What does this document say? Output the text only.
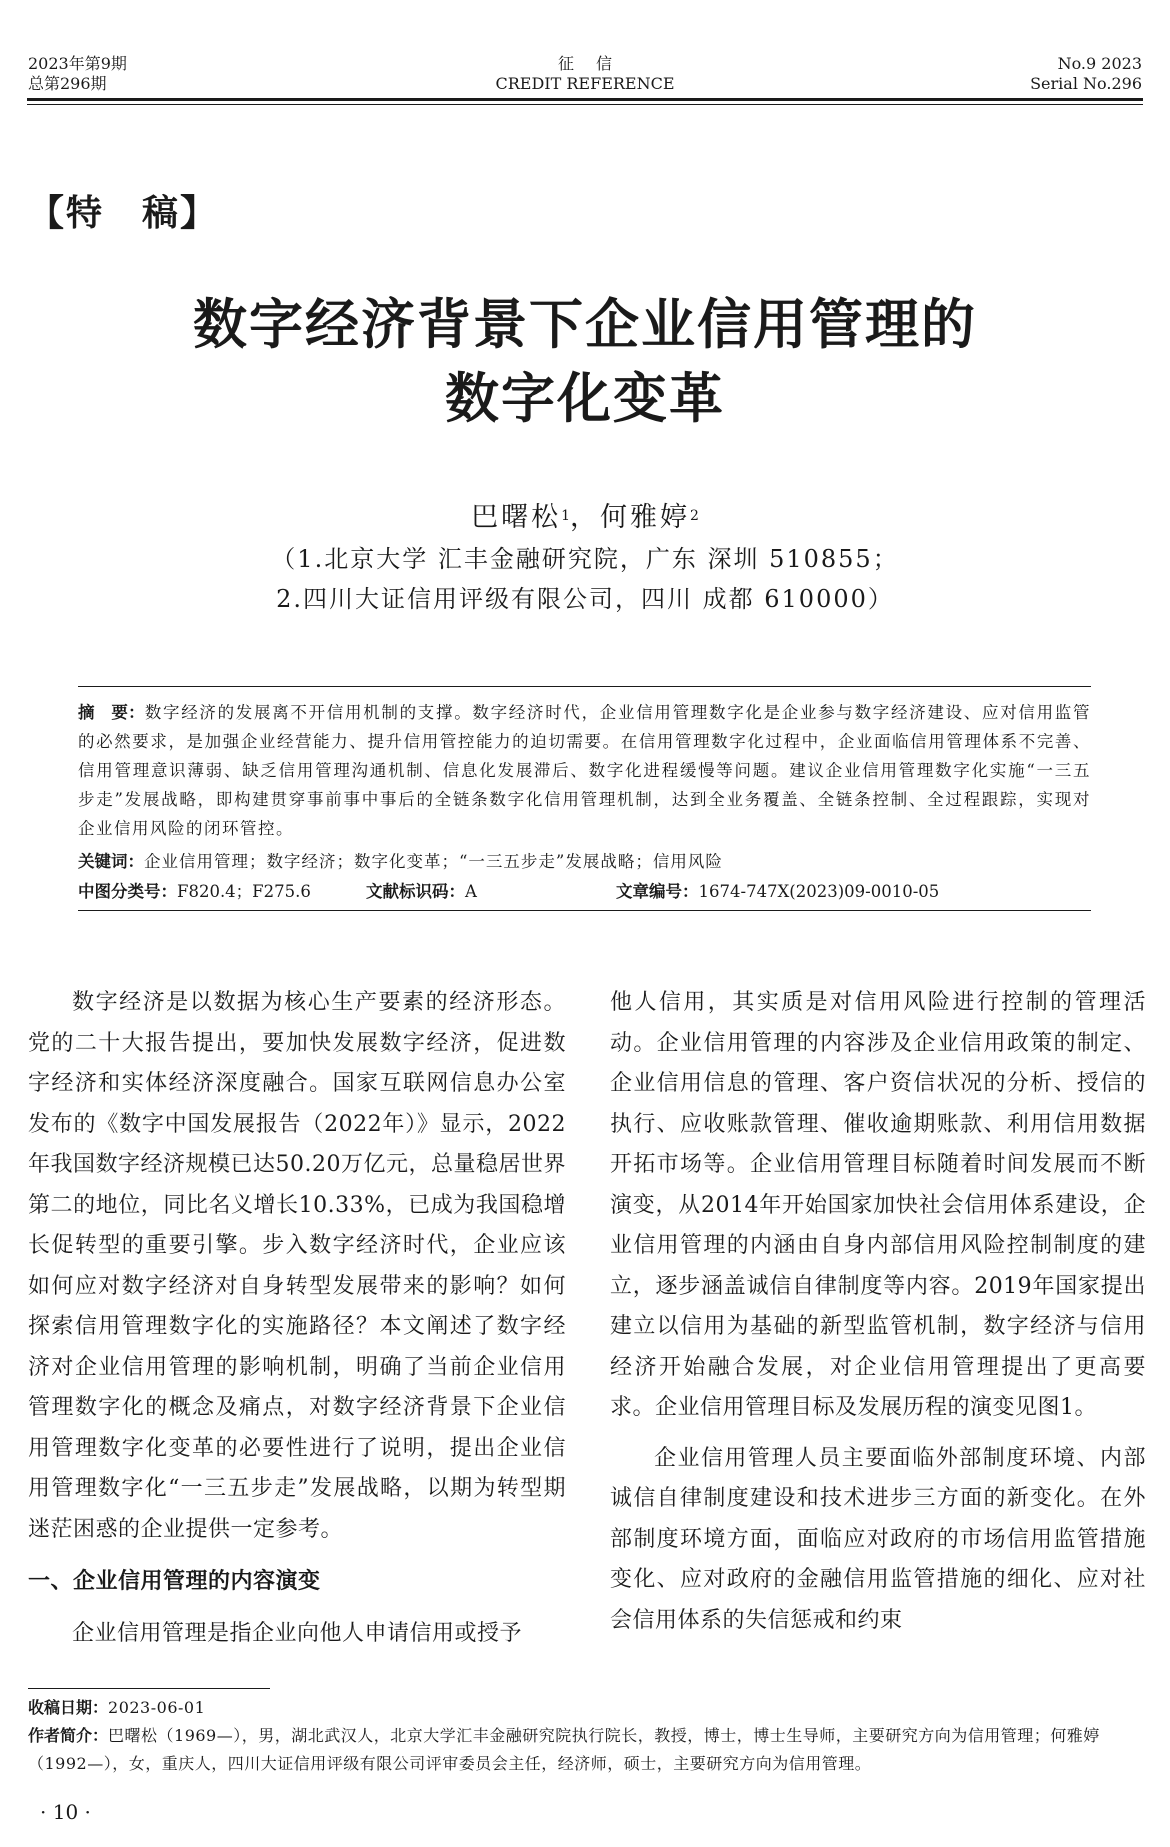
2023年第9期
总第296期
征信
CREDIT REFERENCE
No.9 2023
Serial No.296
【特　稿】
数字经济背景下企业信用管理的
数字化变革
巴曙松$^1$，何雅婷$^2$
（1.北京大学 汇丰金融研究院，广东 深圳 510855；
2.四川大证信用评级有限公司，四川 成都 610000）
摘　要：数字经济的发展离不开信用机制的支撑。数字经济时代，企业信用管理数字化是企业参与数字经济建设、应对信用监管的必然要求，是加强企业经营能力、提升信用管控能力的迫切需要。在信用管理数字化过程中，企业面临信用管理体系不完善、信用管理意识薄弱、缺乏信用管理沟通机制、信息化发展滞后、数字化进程缓慢等问题。建议企业信用管理数字化实施“一三五步走”发展战略，即构建贯穿事前事中事后的全链条数字化信用管理机制，达到全业务覆盖、全链条控制、全过程跟踪，实现对企业信用风险的闭环管控。
关键词：企业信用管理；数字经济；数字化变革；“一三五步走”发展战略；信用风险
中图分类号：F820.4；F275.6	文献标识码：A	文章编号：1674-747X(2023)09-0010-05

数字经济是以数据为核心生产要素的经济形态。党的二十大报告提出，要加快发展数字经济，促进数字经济和实体经济深度融合。国家互联网信息办公室发布的《数字中国发展报告（2022年）》显示，2022年我国数字经济规模已达50.20万亿元，总量稳居世界第二的地位，同比名义增长10.33%，已成为我国稳增长促转型的重要引擎。步入数字经济时代，企业应该如何应对数字经济对自身转型发展带来的影响？如何探索信用管理数字化的实施路径？本文阐述了数字经济对企业信用管理的影响机制，明确了当前企业信用管理数字化的概念及痛点，对数字经济背景下企业信用管理数字化变革的必要性进行了说明，提出企业信用管理数字化“一三五步走”发展战略，以期为转型期迷茫困惑的企业提供一定参考。

一、企业信用管理的内容演变

企业信用管理是指企业向他人申请信用或授予

他人信用，其实质是对信用风险进行控制的管理活动。企业信用管理的内容涉及企业信用政策的制定、企业信用信息的管理、客户资信状况的分析、授信的执行、应收账款管理、催收逾期账款、利用信用数据开拓市场等。企业信用管理目标随着时间发展而不断演变，从2014年开始国家加快社会信用体系建设，企业信用管理的内涵由自身内部信用风险控制制度的建立，逐步涵盖诚信自律制度等内容。2019年国家提出建立以信用为基础的新型监管机制，数字经济与信用经济开始融合发展，对企业信用管理提出了更高要求。企业信用管理目标及发展历程的演变见图1。

企业信用管理人员主要面临外部制度环境、内部诚信自律制度建设和技术进步三方面的新变化。在外部制度环境方面，面临应对政府的市场信用监管措施变化、应对政府的金融信用监管措施的细化、应对社会信用体系的失信惩戒和约束

收稿日期：2023-06-01
作者简介：巴曙松（1969—），男，湖北武汉人，北京大学汇丰金融研究院执行院长，教授，博士，博士生导师，主要研究方向为信用管理；何雅婷（1992—），女，重庆人，四川大证信用评级有限公司评审委员会主任，经济师，硕士，主要研究方向为信用管理。
· 10 ·
